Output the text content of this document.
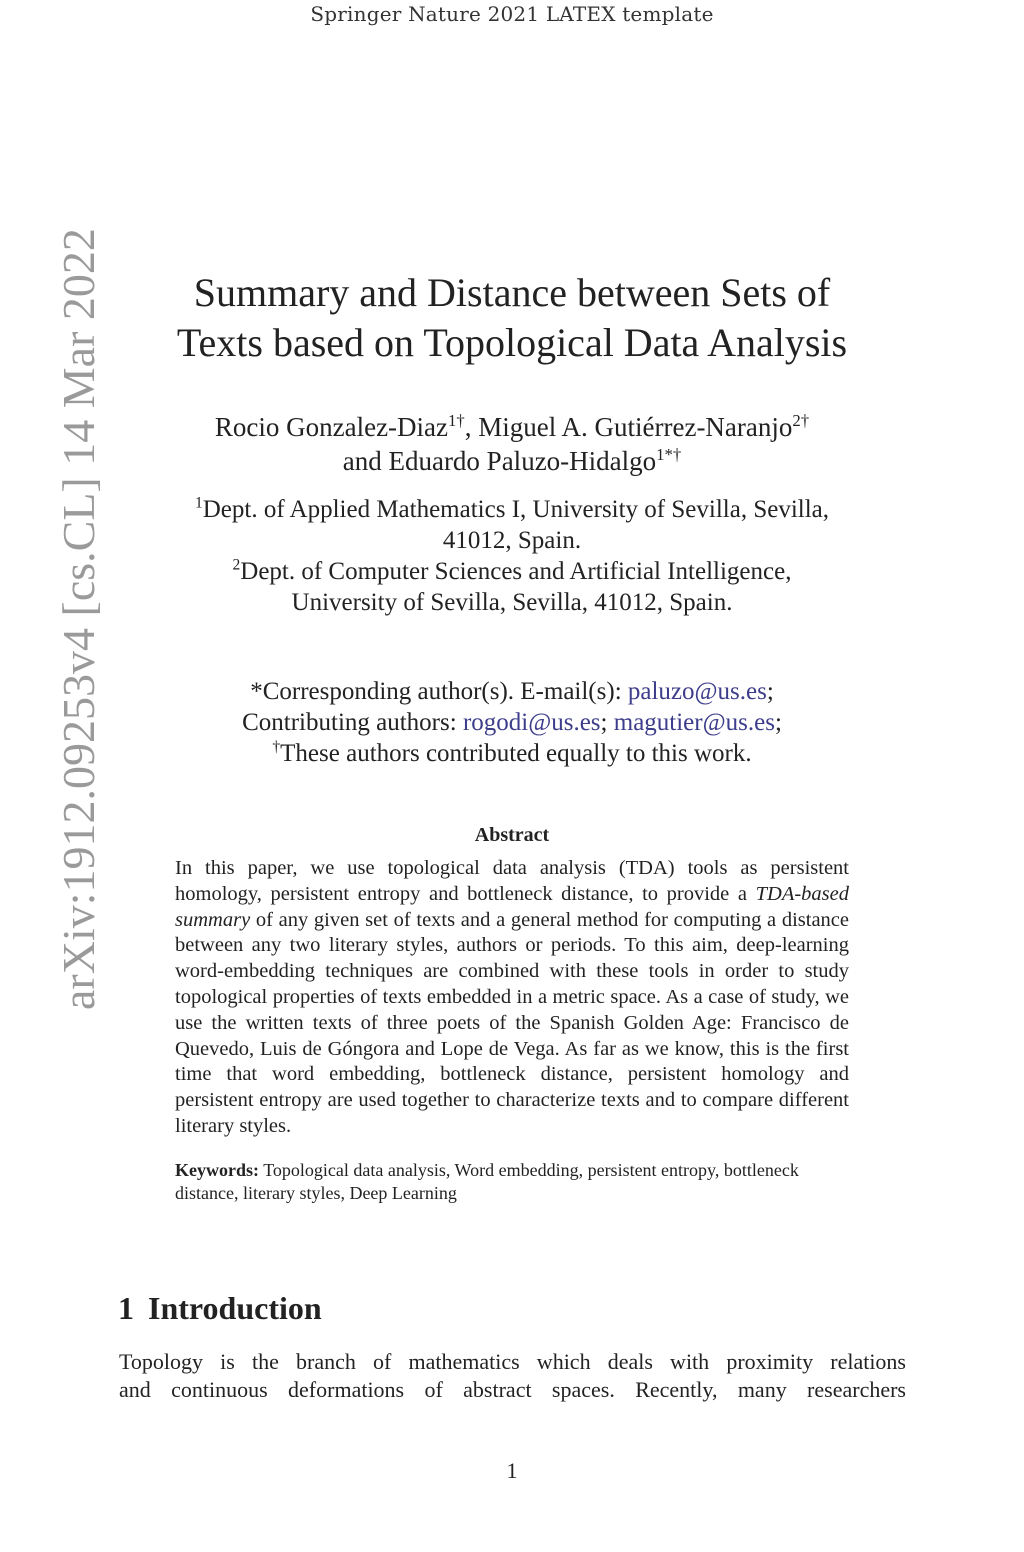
Springer Nature 2021 LATEX template
arXiv:1912.09253v4 [cs.CL] 14 Mar 2022	Summary and Distance between Sets of
Texts based on Topological Data Analysis
Rocio Gonzalez-Diaz$^{1\dagger}$, Miguel A. Gutiérrez-Naranjo$^{2\dagger}$
and Eduardo Paluzo-Hidalgo$^{1*\dagger}$
$^1$Dept. of Applied Mathematics I, University of Sevilla, Sevilla,
41012, Spain.
$^2$Dept. of Computer Sciences and Artificial Intelligence,
University of Sevilla, Sevilla, 41012, Spain.
*Corresponding author(s). E-mail(s): paluzo@us.es;
Contributing authors: rogodi@us.es; magutier@us.es;
†These authors contributed equally to this work.
Abstract
In this paper, we use topological data analysis (TDA) tools as persistent homology, persistent entropy and bottleneck distance, to provide a TDA-based summary of any given set of texts and a general method for computing a distance between any two literary styles, authors or periods. To this aim, deep-learning word-embedding techniques are combined with these tools in order to study topological properties of texts embedded in a metric space. As a case of study, we use the written texts of three poets of the Spanish Golden Age: Francisco de Quevedo, Luis de Góngora and Lope de Vega. As far as we know, this is the first time that word embedding, bottleneck distance, persistent homology and persistent entropy are used together to characterize texts and to compare different literary styles.
Keywords: Topological data analysis, Word embedding, persistent entropy, bottleneck distance, literary styles, Deep Learning
1 Introduction
Topology is the branch of mathematics which deals with proximity relations
and continuous deformations of abstract spaces. Recently, many researchers
1
